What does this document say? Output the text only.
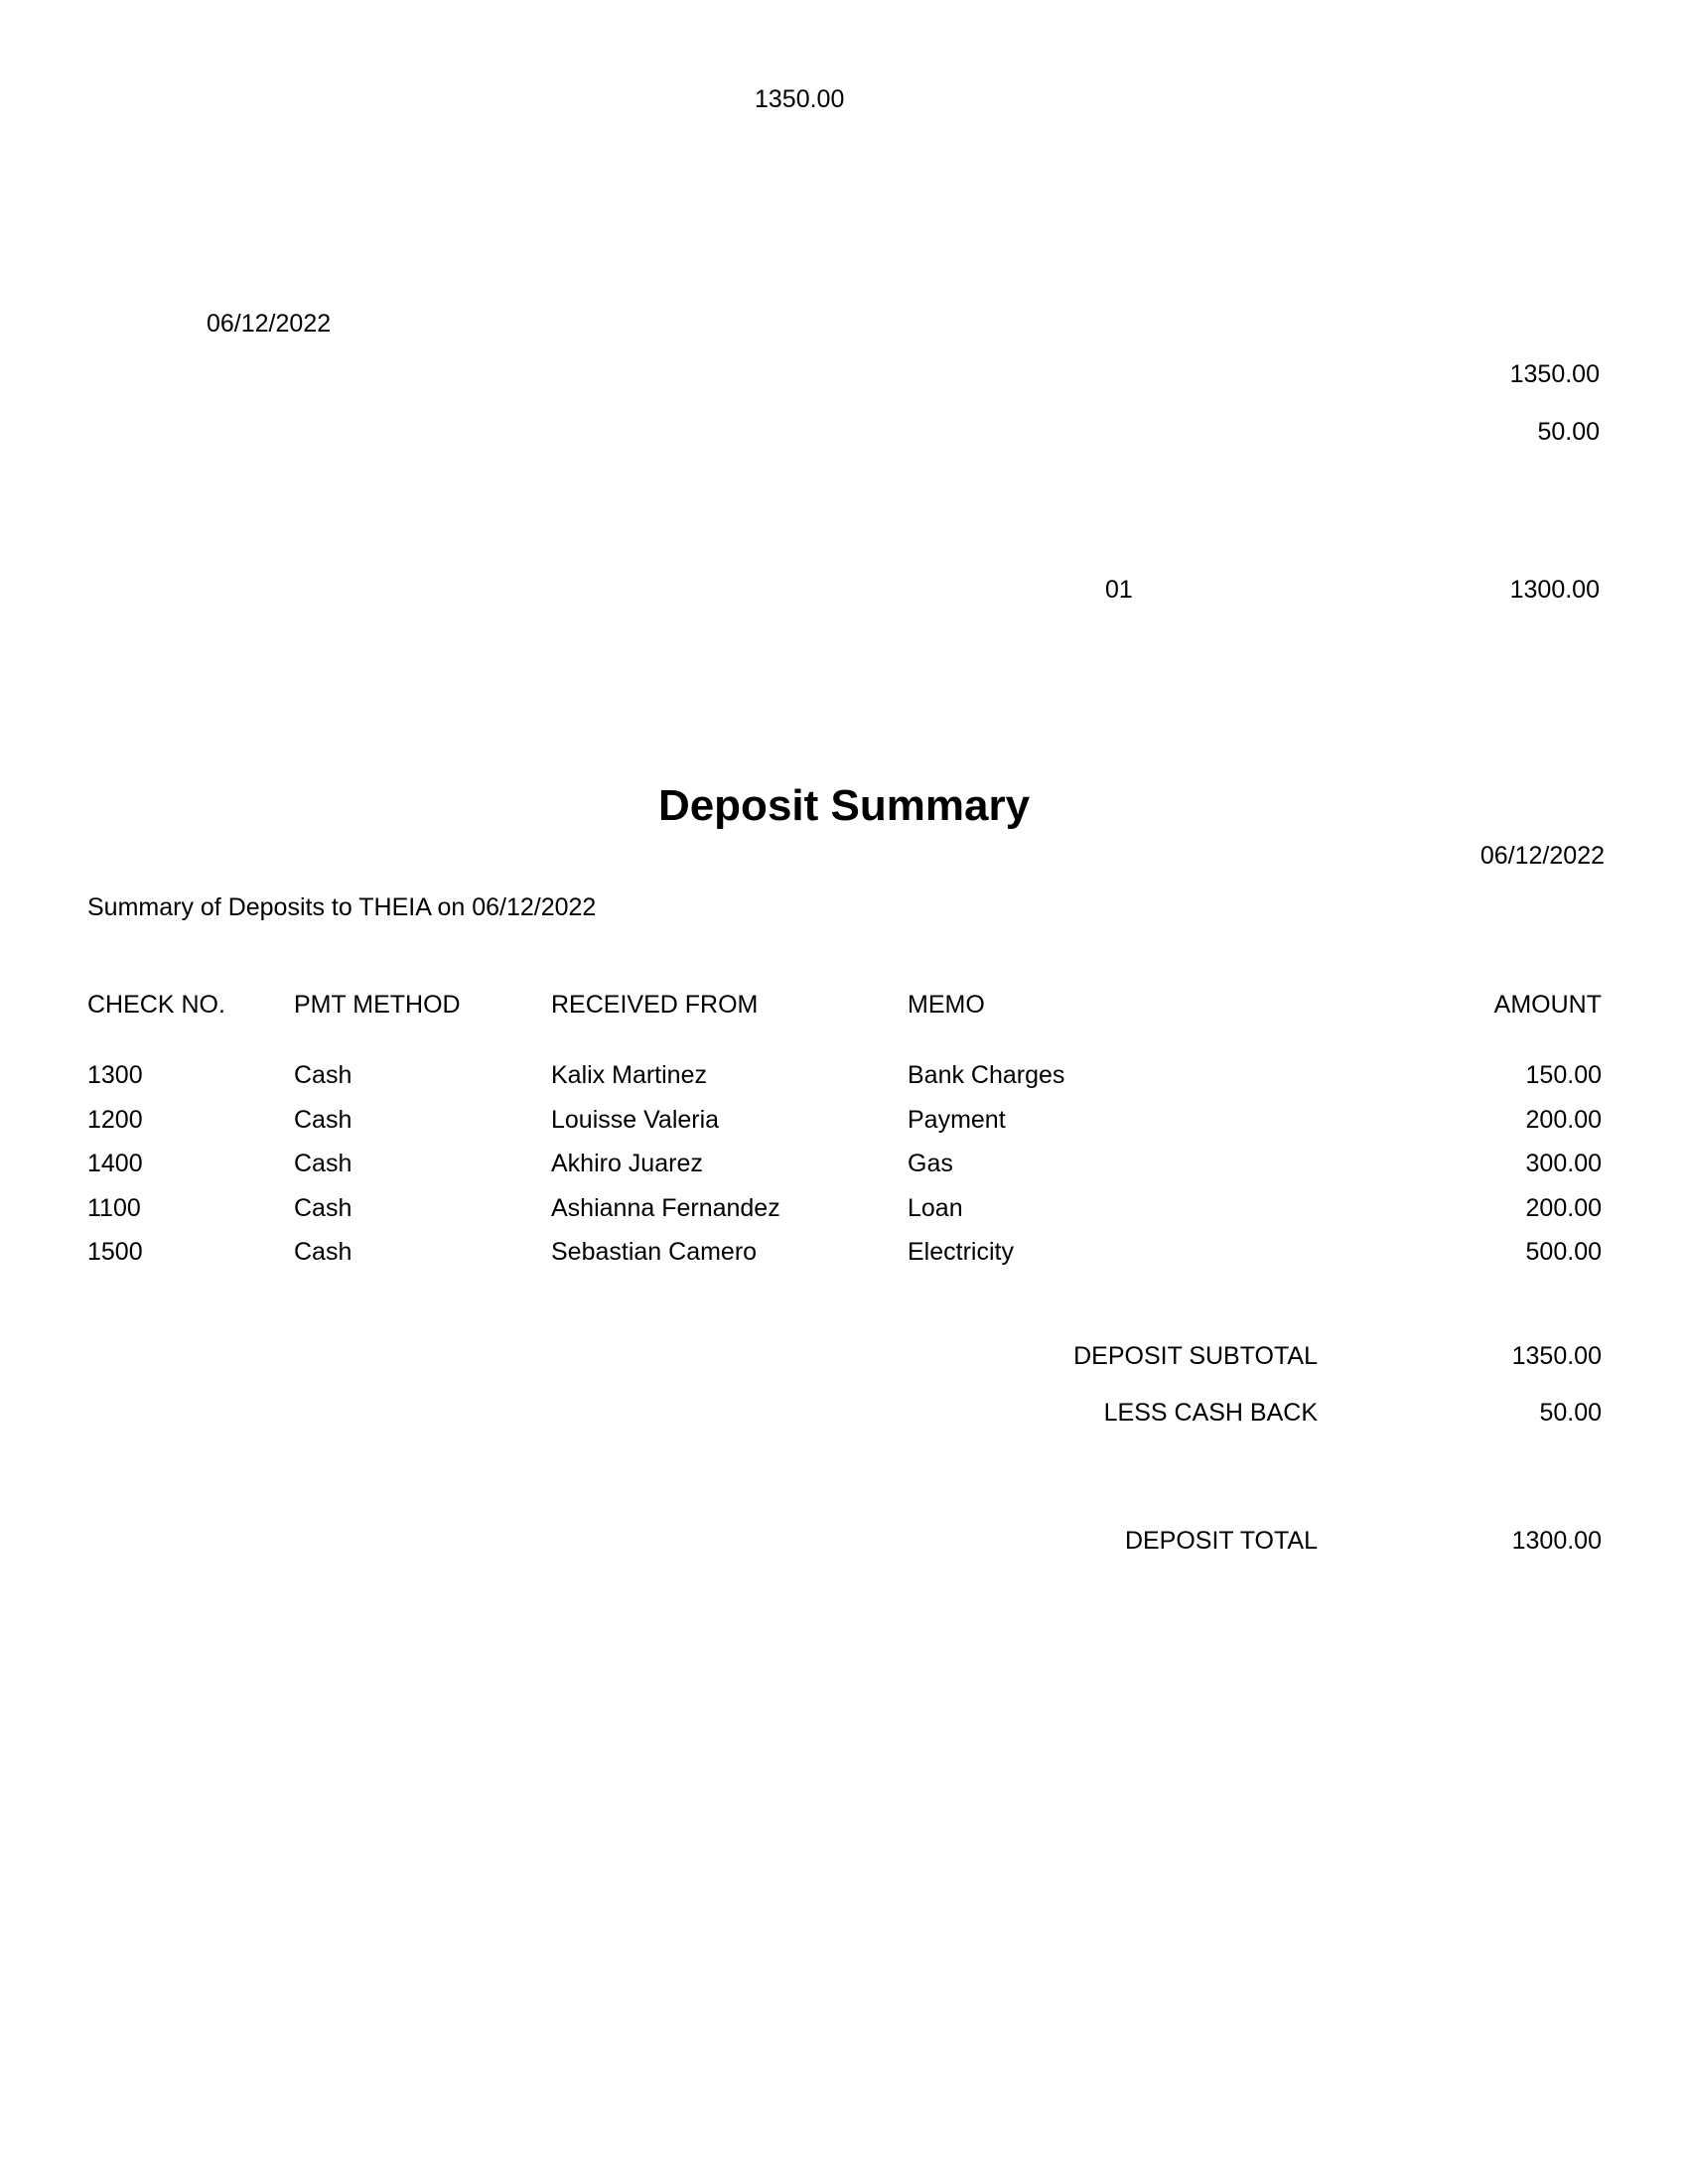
1350.00
06/12/2022
1350.00
50.00
01	1300.00
Deposit Summary
06/12/2022
Summary of Deposits to THEIA on 06/12/2022
CHECK NO.	PMT METHOD	RECEIVED FROM	MEMO	AMOUNT
1300	Cash	Kalix Martinez	Bank Charges	150.00
1200	Cash	Louisse Valeria	Payment	200.00
1400	Cash	Akhiro Juarez	Gas	300.00
1100	Cash	Ashianna Fernandez	Loan	200.00
1500	Cash	Sebastian Camero	Electricity	500.00
DEPOSIT SUBTOTAL	1350.00
LESS CASH BACK	50.00
DEPOSIT TOTAL	1300.00
